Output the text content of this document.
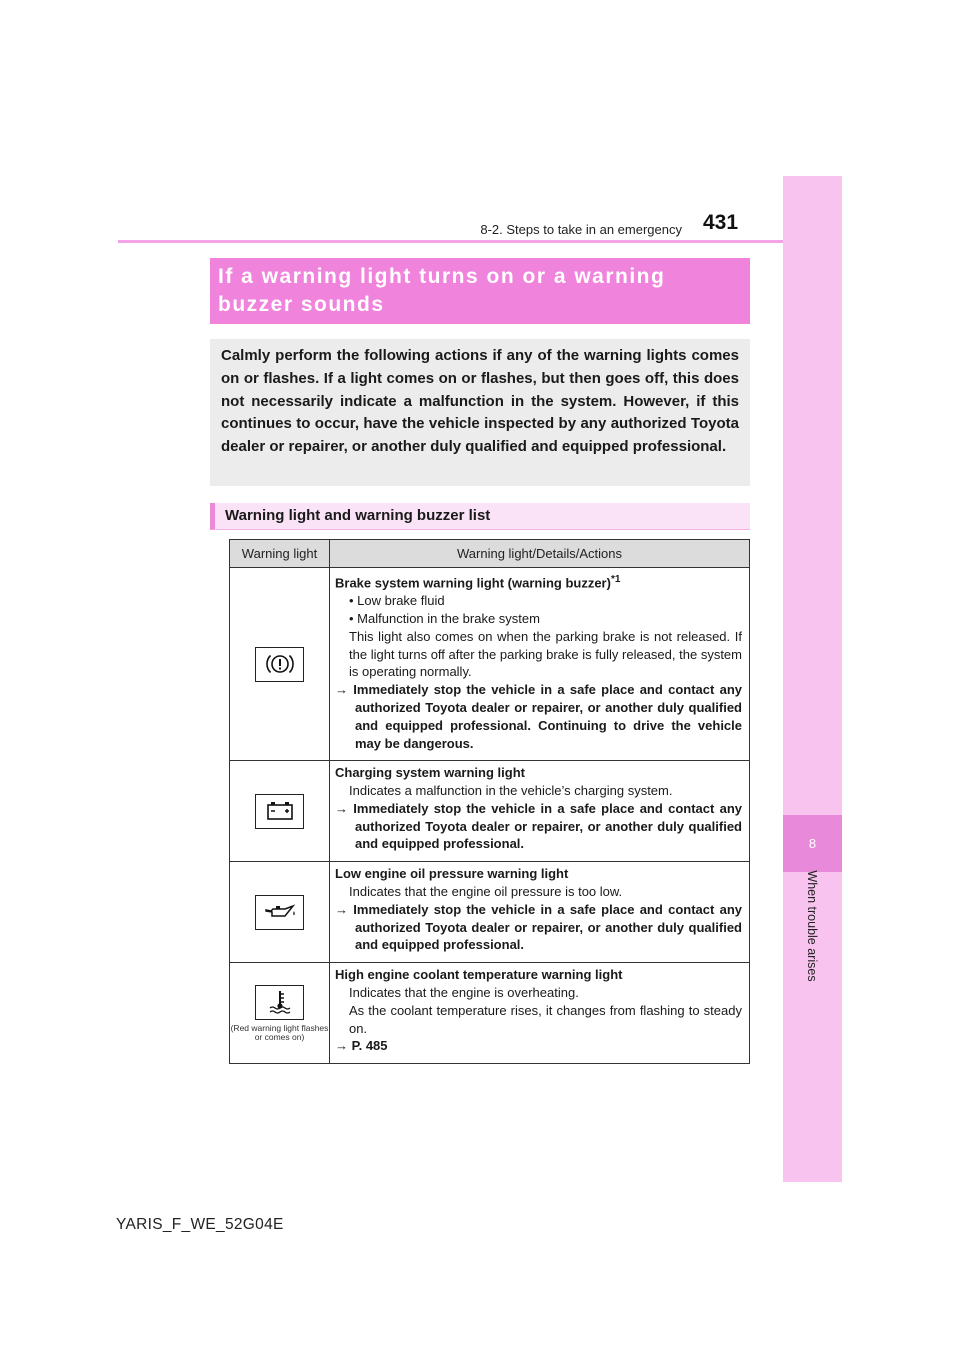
8
When trouble arises
8-2. Steps to take in an emergency 431
If a warning light turns on or a warning
buzzer sounds
Calmly perform the following actions if any of the warning lights comes on or flashes. If a light comes on or flashes, but then goes off, this does not necessarily indicate a malfunction in the system. However, if this continues to occur, have the vehicle inspected by any authorized Toyota dealer or repairer, or another duly qualified and equipped professional.
Warning light and warning buzzer list
Warning light	Warning light/Details/Actions

Brake system warning light (warning buzzer)$^{*1}$
• Low brake fluid
• Malfunction in the brake system
This light also comes on when the parking brake is not released. If the light turns off after the parking brake is fully released, the system is operating normally.
→ Immediately stop the vehicle in a safe place and contact any authorized Toyota dealer or repairer, or another duly qualified and equipped professional. Continuing to drive the vehicle may be dangerous.

Charging system warning light
Indicates a malfunction in the vehicle’s charging system.
→ Immediately stop the vehicle in a safe place and contact any authorized Toyota dealer or repairer, or another duly qualified and equipped professional.

Low engine oil pressure warning light
Indicates that the engine oil pressure is too low.
→ Immediately stop the vehicle in a safe place and contact any authorized Toyota dealer or repairer, or another duly qualified and equipped professional.

(Red warning light flashes or comes on)	High engine coolant temperature warning light
Indicates that the engine is overheating.
As the coolant temperature rises, it changes from flashing to steady on.
→ P. 485
YARIS_F_WE_52G04E
